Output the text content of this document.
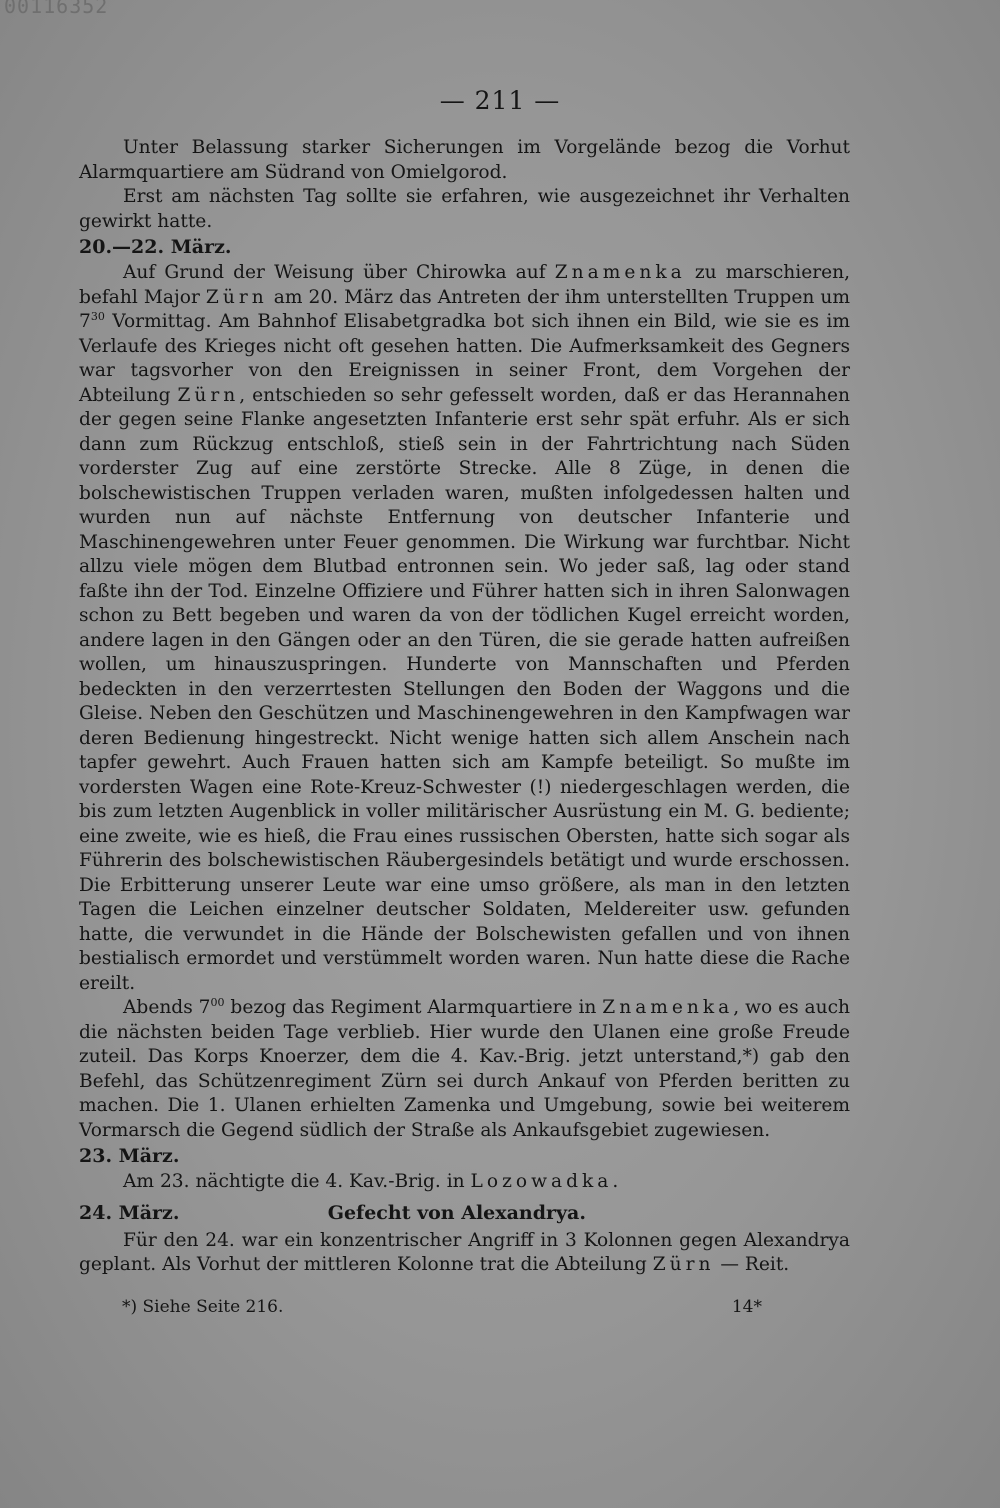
00116352
— 211 —

Unter Belassung starker Sicherungen im Vorgelände bezog die Vorhut Alarmquartiere am Südrand von Omielgorod.

Erst am nächsten Tag sollte sie erfahren, wie ausgezeichnet ihr Verhalten gewirkt hatte.

20.—22. März.

Auf Grund der Weisung über Chirowka auf Znamenka zu marschieren, befahl Major Zürn am 20. März das Antreten der ihm unterstellten Truppen um $7^{30}$ Vormittag. Am Bahnhof Elisabetgradka bot sich ihnen ein Bild, wie sie es im Verlaufe des Krieges nicht oft gesehen hatten. Die Aufmerksamkeit des Gegners war tagsvorher von den Ereignissen in seiner Front, dem Vorgehen der Abteilung Zürn, entschieden so sehr gefesselt worden, daß er das Herannahen der gegen seine Flanke angesetzten Infanterie erst sehr spät erfuhr. Als er sich dann zum Rückzug entschloß, stieß sein in der Fahrtrichtung nach Süden vorderster Zug auf eine zerstörte Strecke. Alle 8 Züge, in denen die bolschewistischen Truppen verladen waren, mußten infolgedessen halten und wurden nun auf nächste Entfernung von deutscher Infanterie und Maschinengewehren unter Feuer genommen. Die Wirkung war furchtbar. Nicht allzu viele mögen dem Blutbad entronnen sein. Wo jeder saß, lag oder stand faßte ihn der Tod. Einzelne Offiziere und Führer hatten sich in ihren Salonwagen schon zu Bett begeben und waren da von der tödlichen Kugel erreicht worden, andere lagen in den Gängen oder an den Türen, die sie gerade hatten aufreißen wollen, um hinauszuspringen. Hunderte von Mannschaften und Pferden bedeckten in den verzerrtesten Stellungen den Boden der Waggons und die Gleise. Neben den Geschützen und Maschinengewehren in den Kampfwagen war deren Bedienung hingestreckt. Nicht wenige hatten sich allem Anschein nach tapfer gewehrt. Auch Frauen hatten sich am Kampfe beteiligt. So mußte im vordersten Wagen eine Rote-Kreuz-Schwester (!) niedergeschlagen werden, die bis zum letzten Augenblick in voller militärischer Ausrüstung ein M. G. bediente; eine zweite, wie es hieß, die Frau eines russischen Obersten, hatte sich sogar als Führerin des bolschewistischen Räubergesindels betätigt und wurde erschossen. Die Erbitterung unserer Leute war eine umso größere, als man in den letzten Tagen die Leichen einzelner deutscher Soldaten, Meldereiter usw. gefunden hatte, die verwundet in die Hände der Bolschewisten gefallen und von ihnen bestialisch ermordet und verstümmelt worden waren. Nun hatte diese die Rache ereilt.

Abends $7^{00}$ bezog das Regiment Alarmquartiere in Znamenka, wo es auch die nächsten beiden Tage verblieb. Hier wurde den Ulanen eine große Freude zuteil. Das Korps Knoerzer, dem die 4. Kav.-Brig. jetzt unterstand,*) gab den Befehl, das Schützenregiment Zürn sei durch Ankauf von Pferden beritten zu machen. Die 1. Ulanen erhielten Zamenka und Umgebung, sowie bei weiterem Vormarsch die Gegend südlich der Straße als Ankaufsgebiet zugewiesen.

23. März.

Am 23. nächtigte die 4. Kav.-Brig. in Lozowadka.

24. März.	Gefecht von Alexandrya.

Für den 24. war ein konzentrischer Angriff in 3 Kolonnen gegen Alexandrya geplant. Als Vorhut der mittleren Kolonne trat die Abteilung Zürn — Reit.

*) Siehe Seite 216.	14*
